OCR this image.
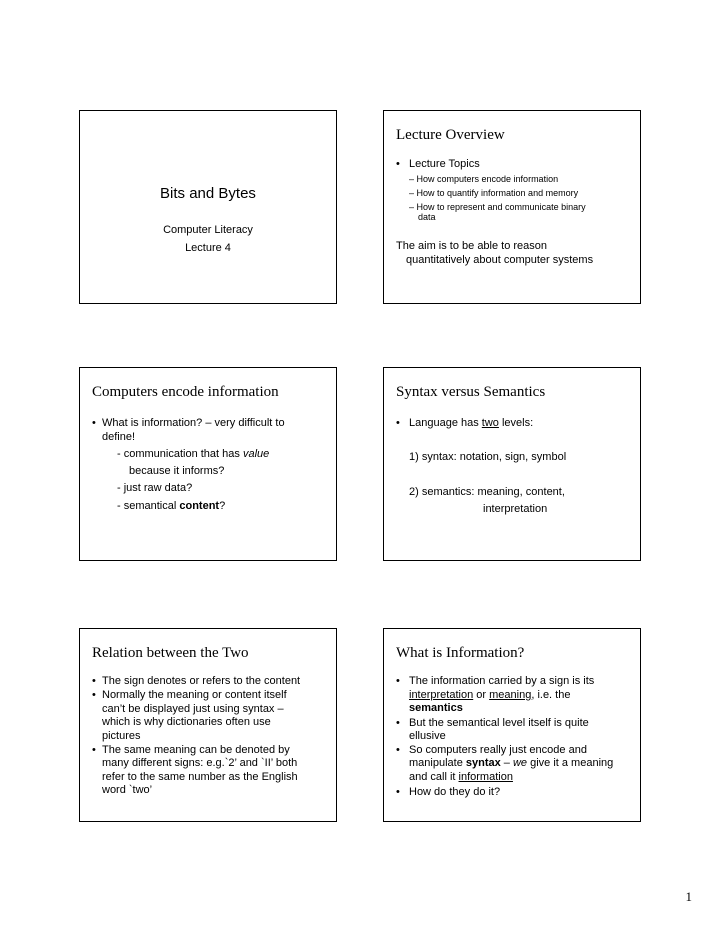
Bits and Bytes
Computer Literacy
Lecture 4
Lecture Overview
• Lecture Topics
– How computers encode information
– How to quantify information and memory
– How to represent and communicate binary
data
The aim is to be able to reason
quantitatively about computer systems
Computers encode information
• What is information? – very difficult to
define!
- communication that has value
because it informs?
- just raw data?
- semantical content?
Syntax versus Semantics
• Language has two levels:
1) syntax: notation, sign, symbol
2) semantics: meaning, content,
interpretation
Relation between the Two
• The sign denotes or refers to the content
• Normally the meaning or content itself
can’t be displayed just using syntax –
which is why dictionaries often use
pictures
• The same meaning can be denoted by
many different signs: e.g.`2’ and `II’ both
refer to the same number as the English
word `two’
What is Information?
• The information carried by a sign is its
interpretation or meaning, i.e. the
semantics
• But the semantical level itself is quite
ellusive
• So computers really just encode and
manipulate syntax – we give it a meaning
and call it information
• How do they do it?
1
